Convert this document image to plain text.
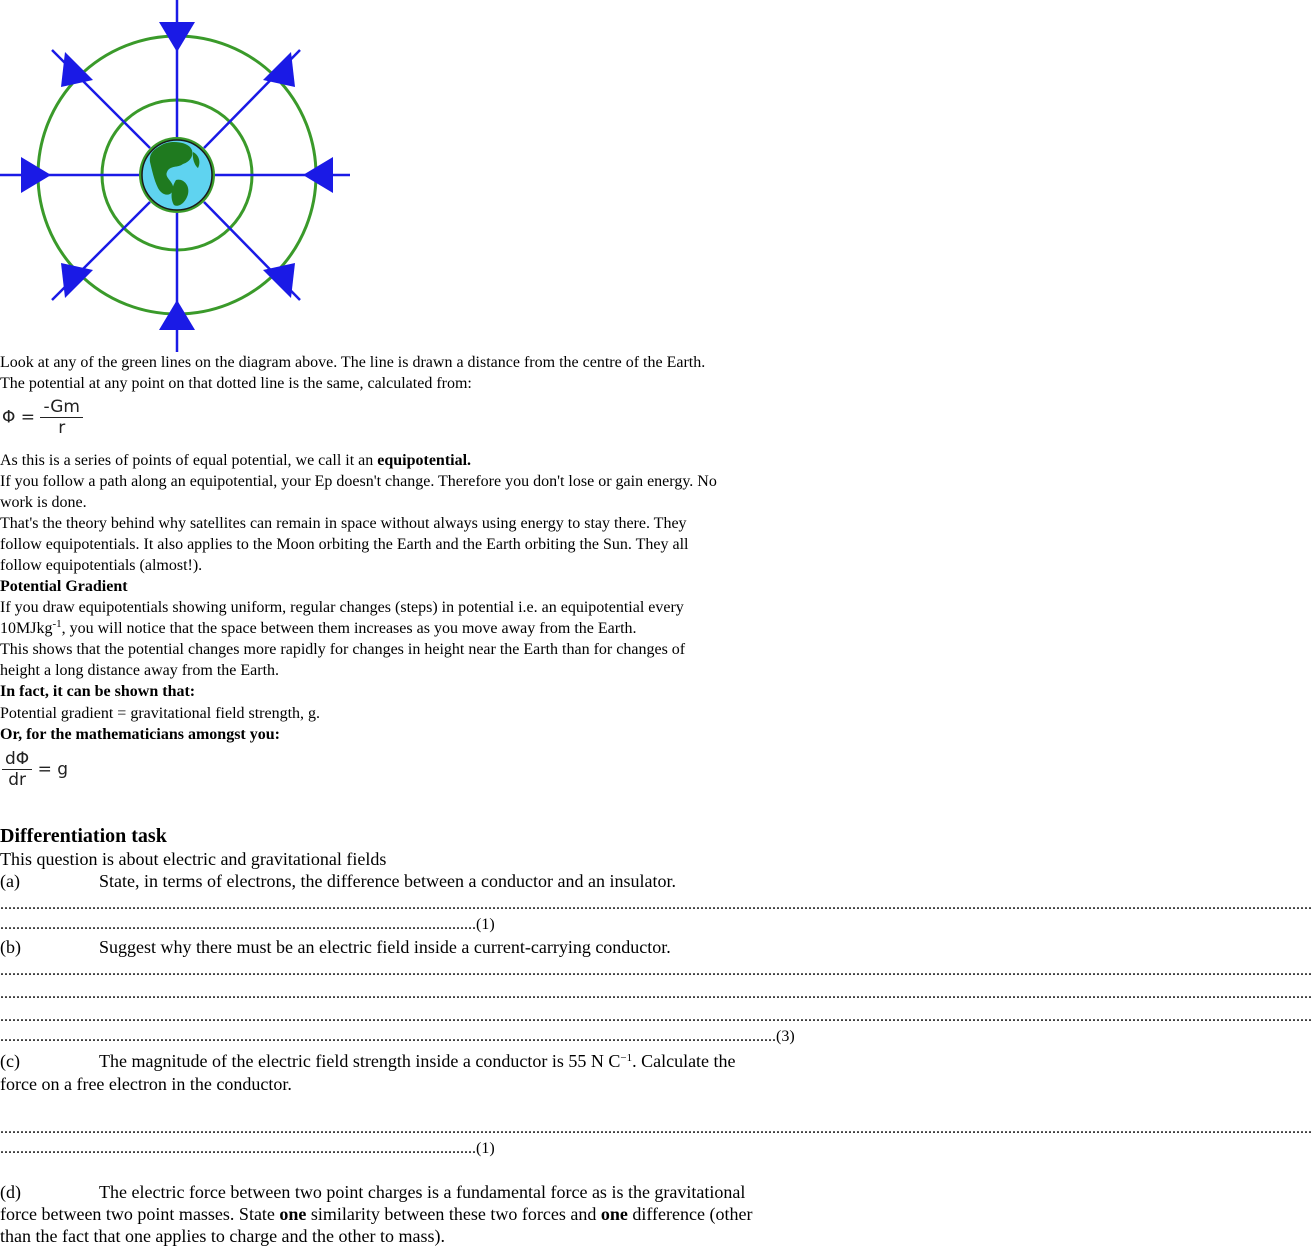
Look at any of the green lines on the diagram above. The line is drawn a distance from the centre of the Earth.
The potential at any point on that dotted line is the same, calculated from:
$\Phi = \frac{-Gm}{r}$
As this is a series of points of equal potential, we call it an equipotential.
If you follow a path along an equipotential, your Ep doesn't change. Therefore you don't lose or gain energy. No
work is done.
That's the theory behind why satellites can remain in space without always using energy to stay there. They
follow equipotentials. It also applies to the Moon orbiting the Earth and the Earth orbiting the Sun. They all
follow equipotentials (almost!).
Potential Gradient
If you draw equipotentials showing uniform, regular changes (steps) in potential i.e. an equipotential every
10MJkg$^{-1}$, you will notice that the space between them increases as you move away from the Earth.
This shows that the potential changes more rapidly for changes in height near the Earth than for changes of
height a long distance away from the Earth.
In fact, it can be shown that:
Potential gradient = gravitational field strength, g.
Or, for the mathematicians amongst you:
$\frac{d\Phi}{dr} = g$
Differentiation task
This question is about electric and gravitational fields
(a)	State, in terms of electrons, the difference between a conductor and an insulator.
........................................................................................................................................................................................................................................................................................................................................
.......................................................................................................................(1)
(b)	Suggest why there must be an electric field inside a current-carrying conductor.
........................................................................................................................................................................................................................................................................................................................................
........................................................................................................................................................................................................................................................................................................................................
........................................................................................................................................................................................................................................................................................................................................
..................................................................................................................................................................................................(3)
(c)	The magnitude of the electric field strength inside a conductor is 55 N $C^{-1}$. Calculate the
force on a free electron in the conductor.
........................................................................................................................................................................................................................................................................................................................................
.......................................................................................................................(1)
(d)	The electric force between two point charges is a fundamental force as is the gravitational
force between two point masses. State one similarity between these two forces and one difference (other
than the fact that one applies to charge and the other to mass).
